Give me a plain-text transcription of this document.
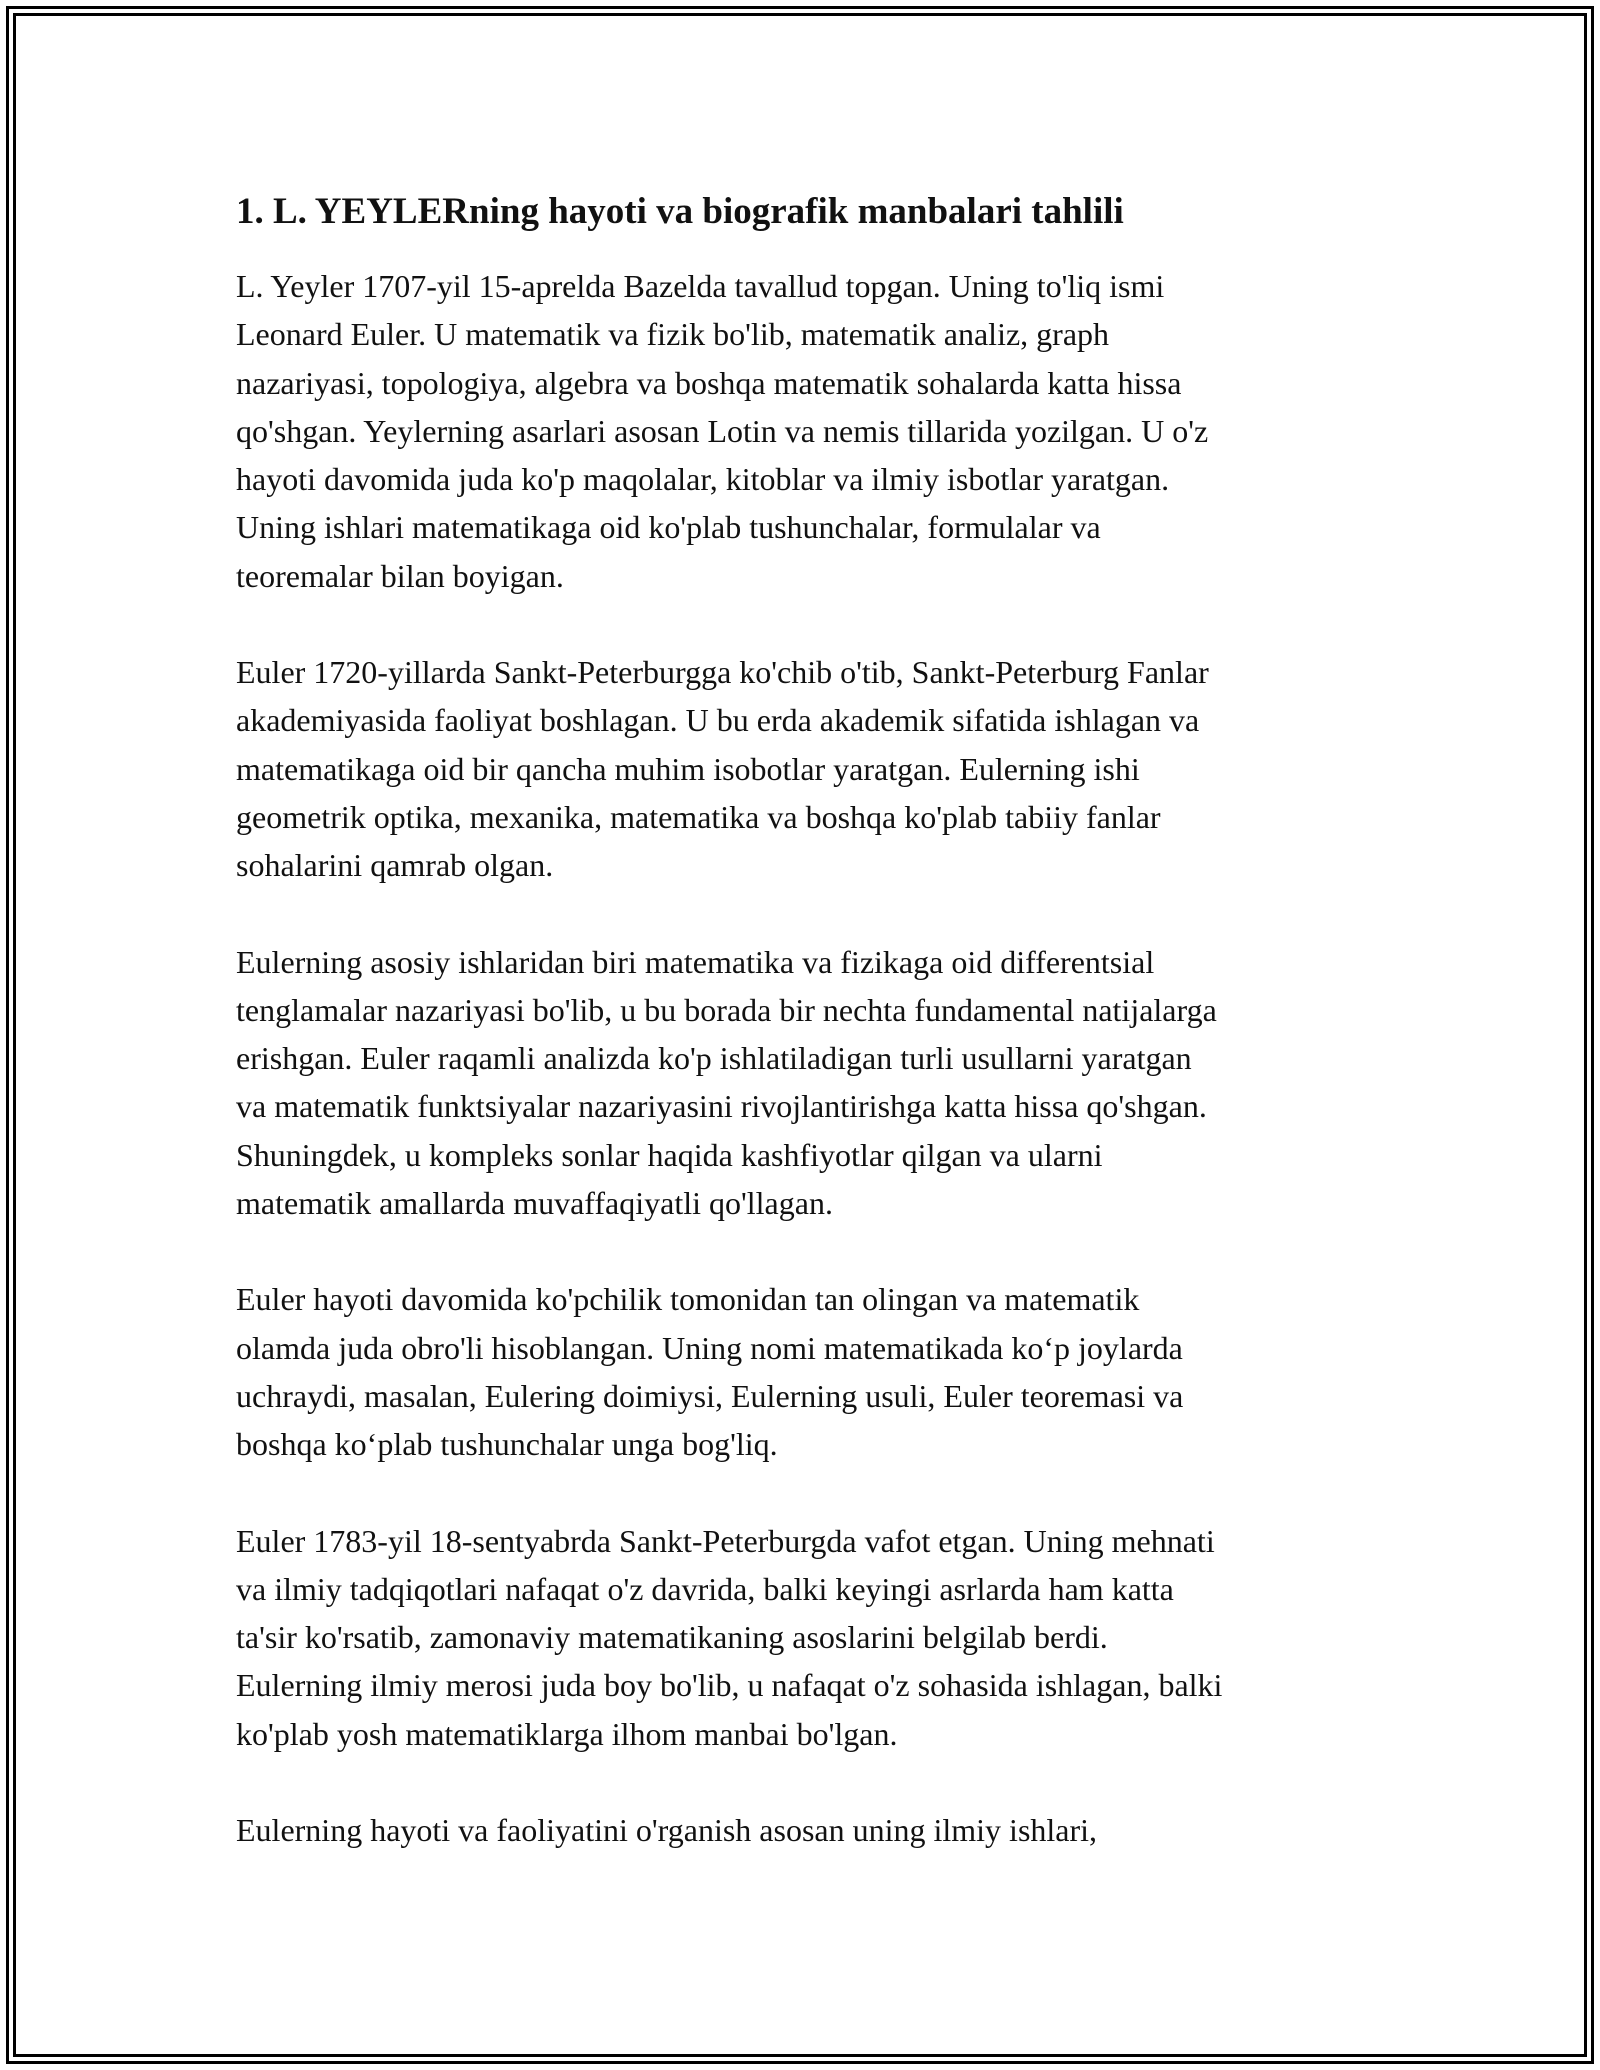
1. L. YEYLERning hayoti va biografik manbalari tahlili

L. Yeyler 1707-yil 15-aprelda Bazelda tavallud topgan. Uning to'liq ismi
Leonard Euler. U matematik va fizik bo'lib, matematik analiz, graph
nazariyasi, topologiya, algebra va boshqa matematik sohalarda katta hissa
qo'shgan. Yeylerning asarlari asosan Lotin va nemis tillarida yozilgan. U o'z
hayoti davomida juda ko'p maqolalar, kitoblar va ilmiy isbotlar yaratgan.
Uning ishlari matematikaga oid ko'plab tushunchalar, formulalar va
teoremalar bilan boyigan.

Euler 1720-yillarda Sankt-Peterburggа ko'chib o'tib, Sankt-Peterburg Fanlar
akademiyasida faoliyat boshlagan. U bu erda akademik sifatida ishlagan va
matematikaga oid bir qancha muhim isobotlar yaratgan. Eulerning ishi
geometrik optika, mexanika, matematika va boshqa ko'plab tabiiy fanlar
sohalarini qamrab olgan.

Eulerning asosiy ishlaridan biri matematika va fizikaga oid differentsial
tenglamalar nazariyasi bo'lib, u bu borada bir nechta fundamental natijalarga
erishgan. Euler raqamli analizda ko'p ishlatiladigan turli usullarni yaratgan
va matematik funktsiyalar nazariyasini rivojlantirishga katta hissa qo'shgan.
Shuningdek, u kompleks sonlar haqida kashfiyotlar qilgan va ularni
matematik amallarda muvaffaqiyatli qo'llagan.

Euler hayoti davomida ko'pchilik tomonidan tan olingan va matematik
olamda juda obro'li hisoblangan. Uning nomi matematikada ko‘p joylarda
uchraydi, masalan, Eulering doimiysi, Eulerning usuli, Euler teoremasi va
boshqa ko‘plab tushunchalar unga bog'liq.

Euler 1783-yil 18-sentyabrda Sankt-Peterburgda vafot etgan. Uning mehnati
va ilmiy tadqiqotlari nafaqat o'z davrida, balki keyingi asrlarda ham katta
ta'sir ko'rsatib, zamonaviy matematikaning asoslarini belgilab berdi.
Eulerning ilmiy merosi juda boy bo'lib, u nafaqat o'z sohasida ishlagan, balki
ko'plab yosh matematiklarga ilhom manbai bo'lgan.

Eulerning hayoti va faoliyatini o'rganish asosan uning ilmiy ishlari,
